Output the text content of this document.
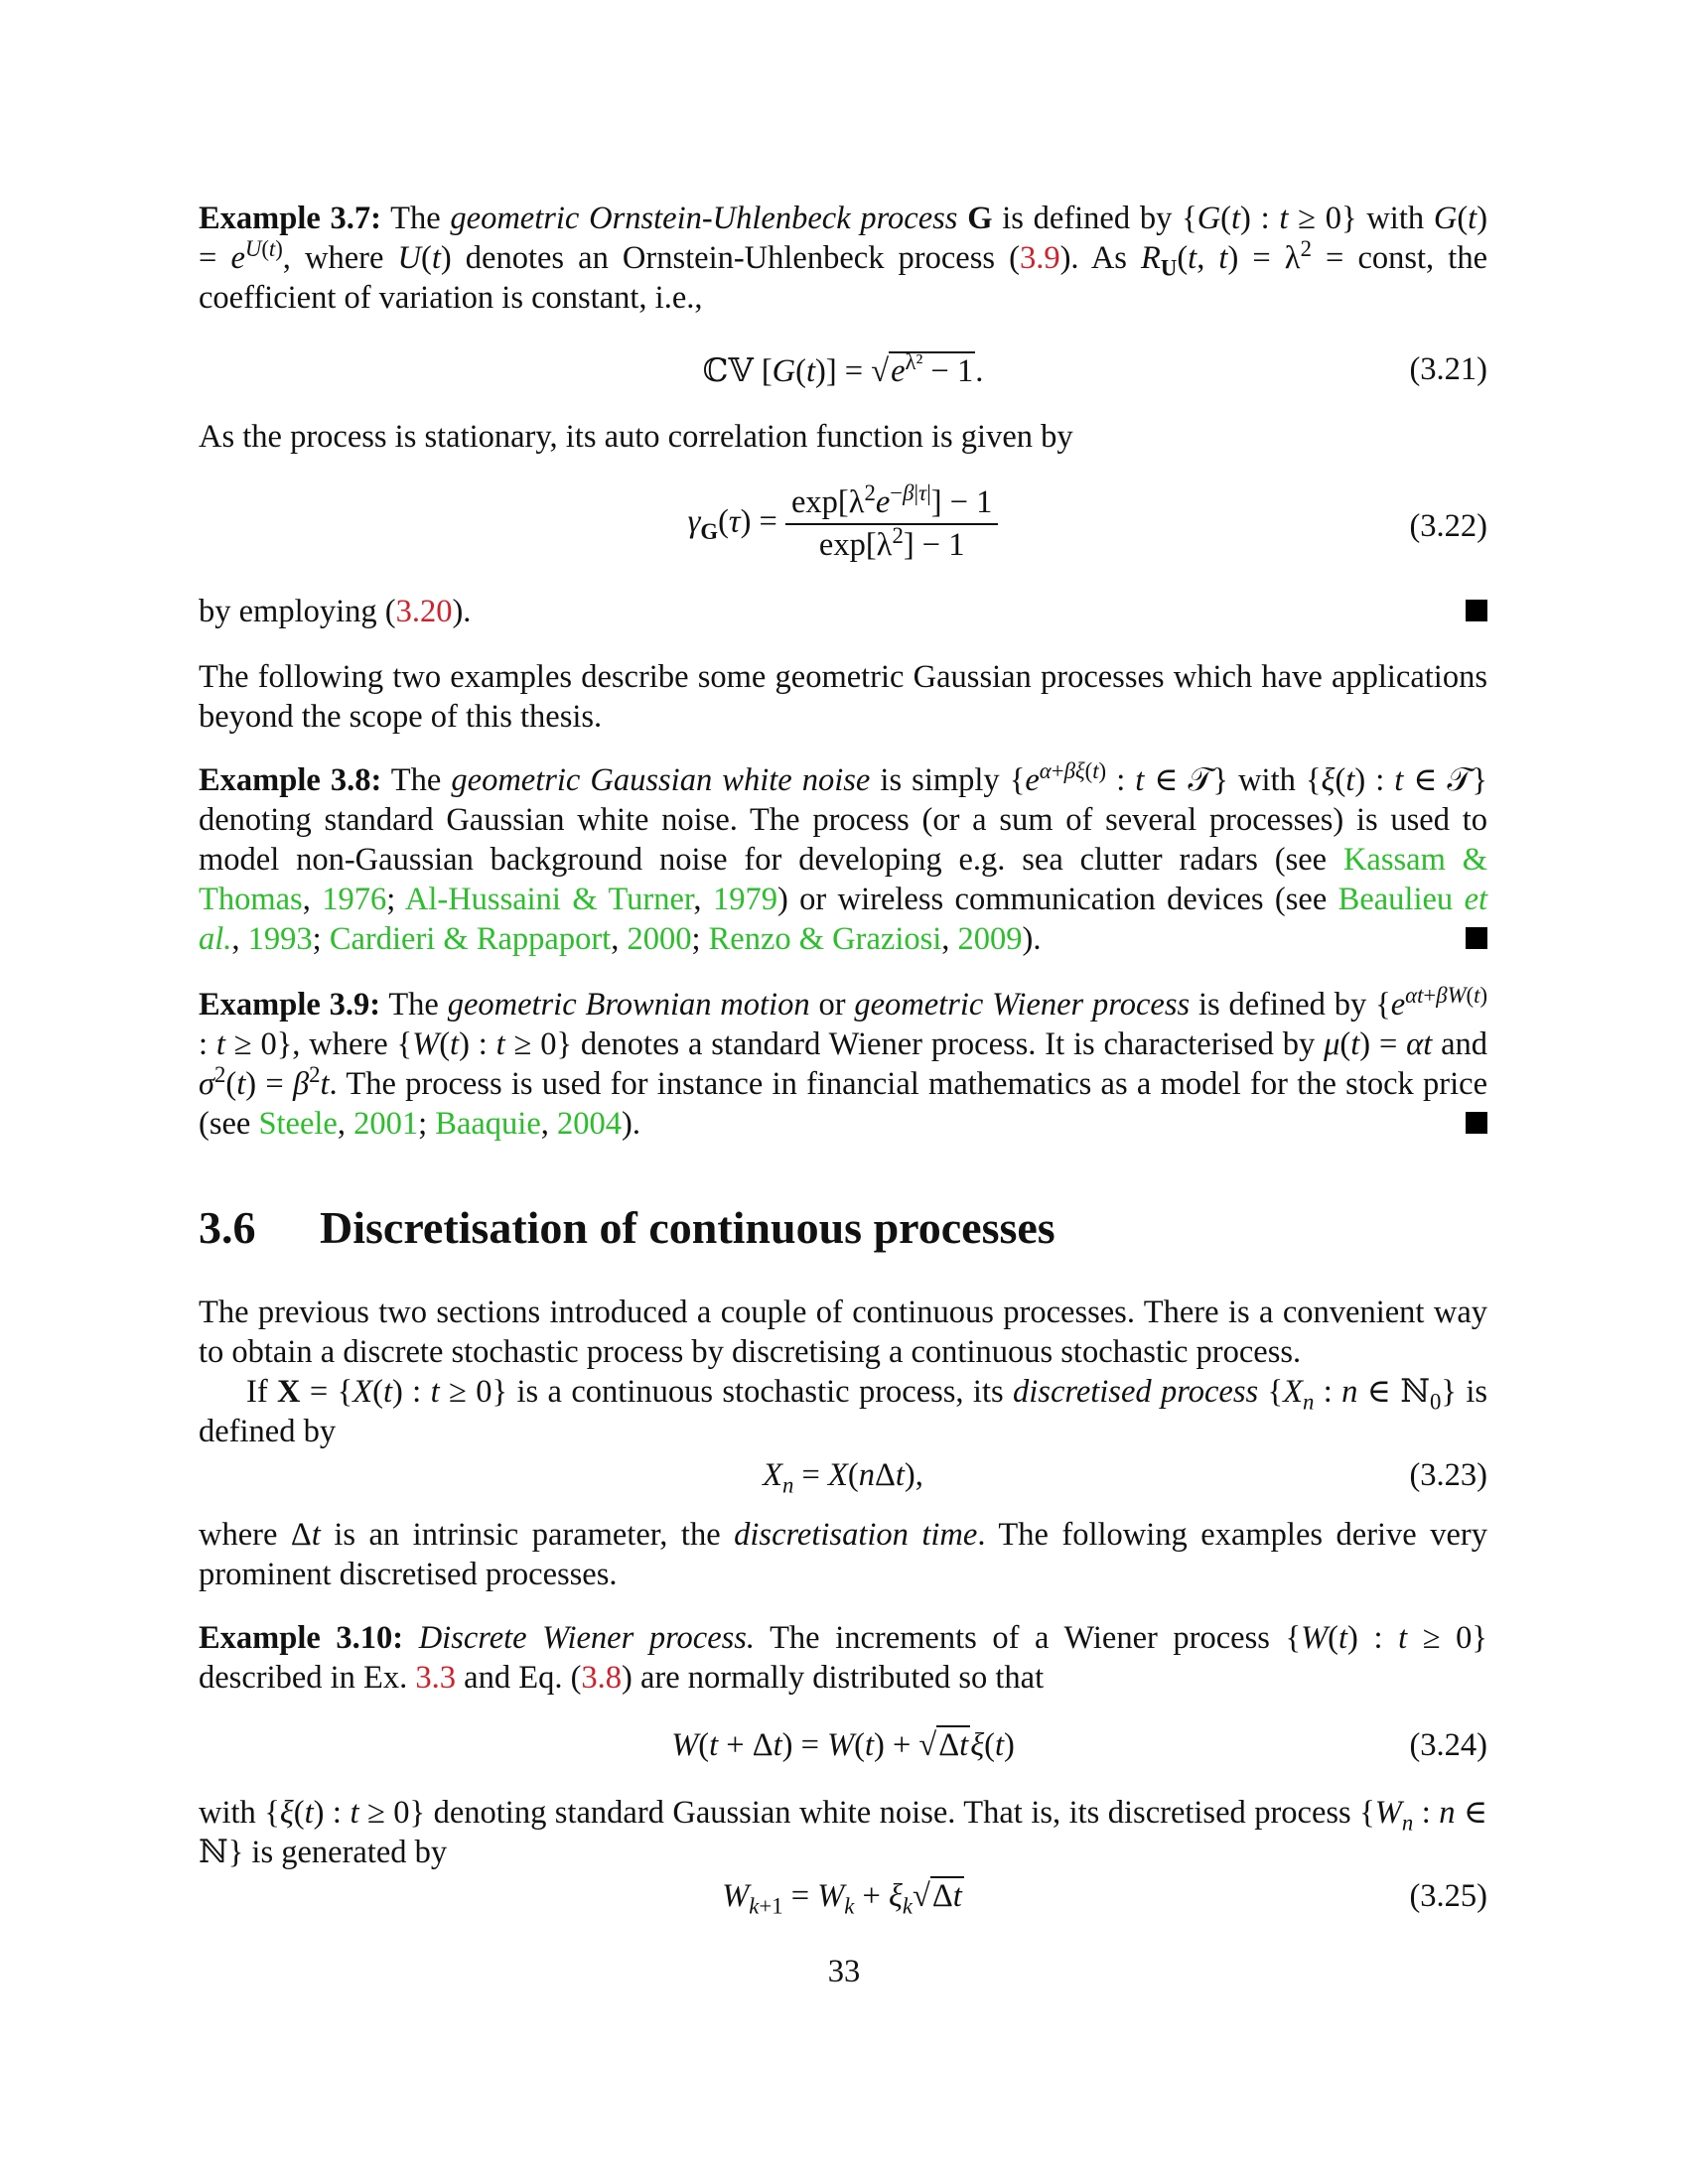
Example 3.7: The geometric Ornstein-Uhlenbeck process G is defined by {G(t) : t ≥ 0} with $G(t) = e^{U(t)}$, where U(t) denotes an Ornstein-Uhlenbeck process (3.9). As $R_U(t$, $t) = \lambda^2$ = const, the coefficient of variation is constant, i.e.,
ℂ𝕍 $[G(t)] = √e^{\lambda^2} - 1$.	(3.21)
As the process is stationary, its auto correlation function is given by
$\gamma_G(\tau) = \frac{\exp[\lambda^2e^{-\beta|\tau|}] - 1}{\exp[\lambda^2] - 1}$	(3.22)
by employing (3.20).
The following two examples describe some geometric Gaussian processes which have applications beyond the scope of this thesis.
Example 3.8: The geometric Gaussian white noise is simply {$e^{\alpha+\beta\xi(t)}$ : t ∈ 𝒯} with {ξ(t) : t ∈ 𝒯} denoting standard Gaussian white noise. The process (or a sum of several processes) is used to model non-Gaussian background noise for developing e.g. sea clutter radars (see Kassam & Thomas, 1976; Al-Hussaini & Turner, 1979) or wireless communication devices (see Beaulieu et al., 1993; Cardieri & Rappaport, 2000; Renzo & Graziosi, 2009).
Example 3.9: The geometric Brownian motion or geometric Wiener process is defined by {$e^{\alpha t+\beta W(t)}$ : t ≥ 0}, where {W(t) : t ≥ 0} denotes a standard Wiener process. It is characterised by μ(t) = αt and $\sigma^2(t) = \beta^2t$. The process is used for instance in financial mathematics as a model for the stock price (see Steele, 2001; Baaquie, 2004).
3.6 Discretisation of continuous processes
The previous two sections introduced a couple of continuous processes. There is a convenient way to obtain a discrete stochastic process by discretising a continuous stochastic process.
If X = {X(t) : t ≥ 0} is a continuous stochastic process, its discretised process {$X_n$ : n ∈ ℕ$_0$} is defined by
$X_n = X(n\Delta t)$,	(3.23)
where Δt is an intrinsic parameter, the discretisation time. The following examples derive very prominent discretised processes.
Example 3.10: Discrete Wiener process. The increments of a Wiener process {W(t) : t ≥ 0} described in Ex. 3.3 and Eq. (3.8) are normally distributed so that
W(t + Δt) = W(t) + √Δtξ(t)	(3.24)
with {ξ(t) : t ≥ 0} denoting standard Gaussian white noise. That is, its discretised process {$W_n$ : n ∈ ℕ} is generated by
$W_{k+1} = W_k + \xi_k√\Delta t$	(3.25)
33
